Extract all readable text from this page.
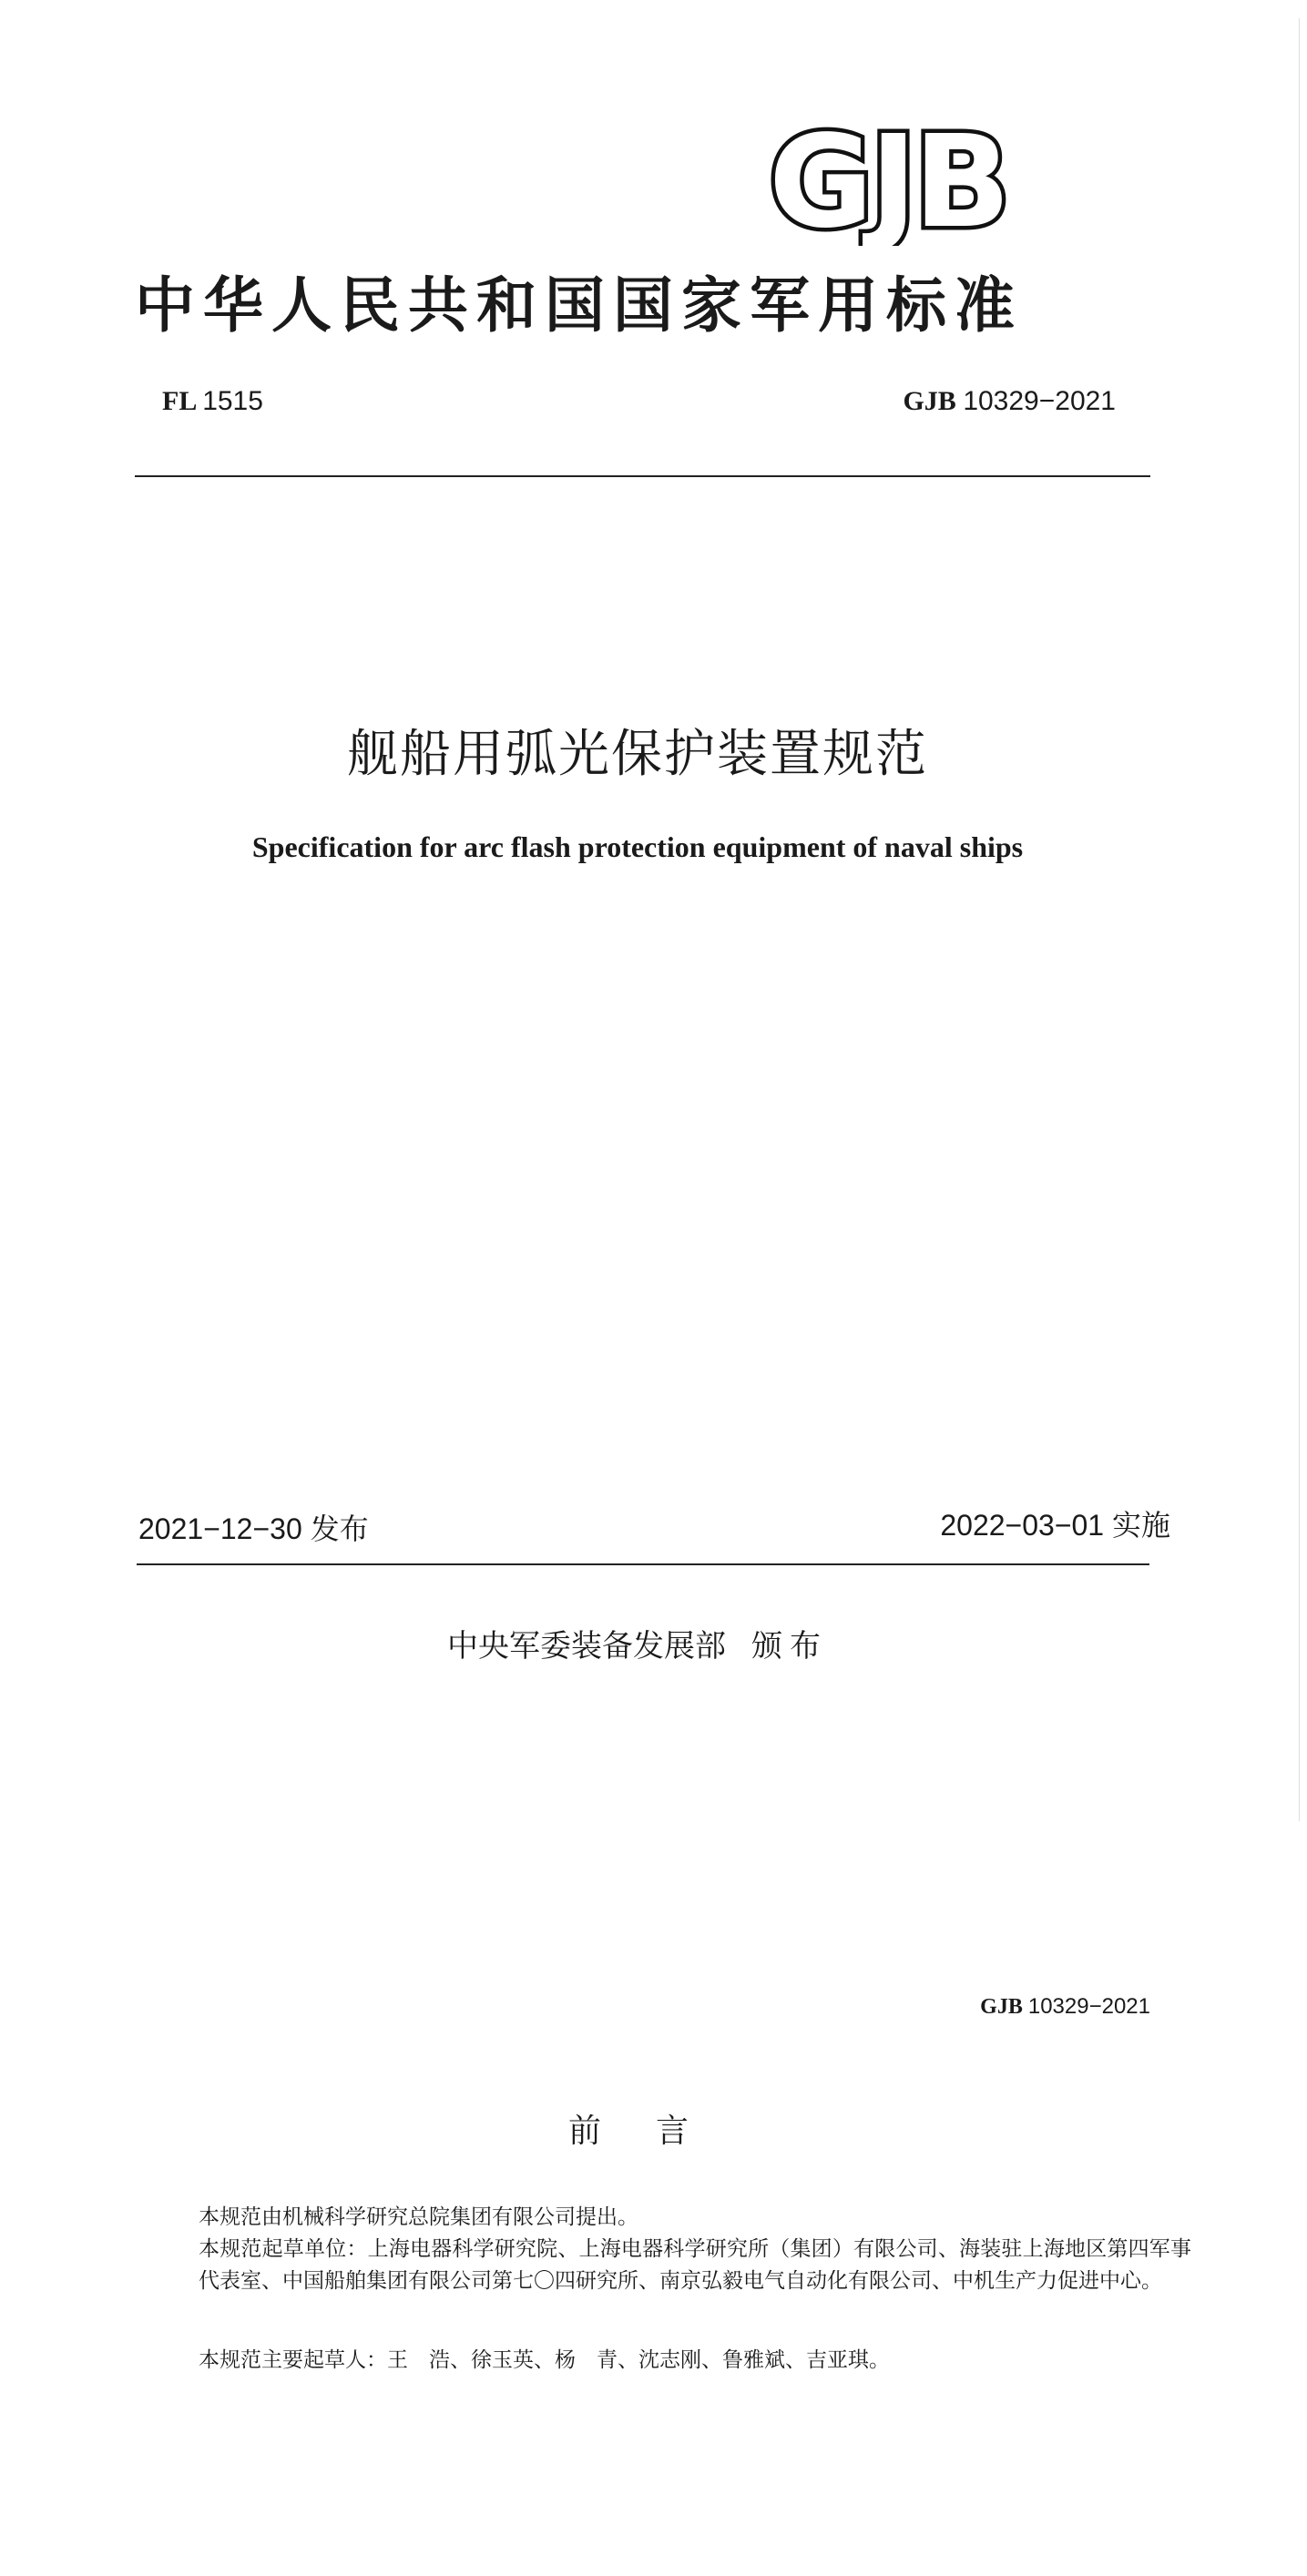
GJB
中华人民共和国国家军用标准
FL 1515	GJB 10329−2021
舰船用弧光保护装置规范
Specification for arc flash protection equipment of naval ships
2021−12−30 发布	2022−03−01 实施
中央军委装备发展部 颁布
GJB 10329−2021
前言
本规范由机械科学研究总院集团有限公司提出。
本规范起草单位：上海电器科学研究院、上海电器科学研究所（集团）有限公司、海装驻上海地区第四军事代表室、中国船舶集团有限公司第七〇四研究所、南京弘毅电气自动化有限公司、中机生产力促进中心。
本规范主要起草人：王　浩、徐玉英、杨　青、沈志刚、鲁雅斌、吉亚琪。
